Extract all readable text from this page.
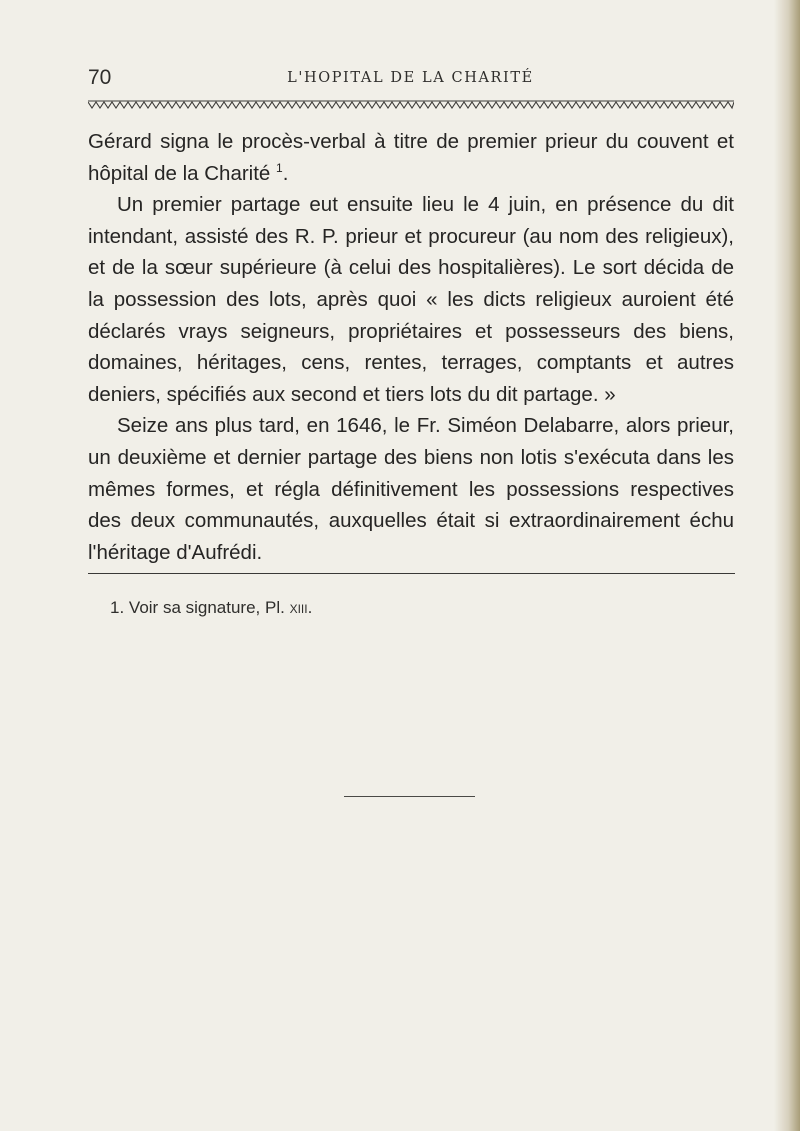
70	L'HOPITAL DE LA CHARITÉ

Gérard signa le procès-verbal à titre de premier prieur du couvent et hôpital de la Charité $^1$.

Un premier partage eut ensuite lieu le 4 juin, en présence du dit intendant, assisté des R. P. prieur et procureur (au nom des religieux), et de la sœur supérieure (à celui des hospitalières). Le sort décida de la possession des lots, après quoi « les dicts religieux auroient été déclarés vrays seigneurs, propriétaires et possesseurs des biens, domaines, héritages, cens, rentes, terrages, comptants et autres deniers, spécifiés aux second et tiers lots du dit partage. »

Seize ans plus tard, en 1646, le Fr. Siméon Delabarre, alors prieur, un deuxième et dernier partage des biens non lotis s'exécuta dans les mêmes formes, et régla définitivement les possessions respectives des deux communautés, auxquelles était si extraordinairement échu l'héritage d'Aufrédi.

1. Voir sa signature, Pl. xiii.
